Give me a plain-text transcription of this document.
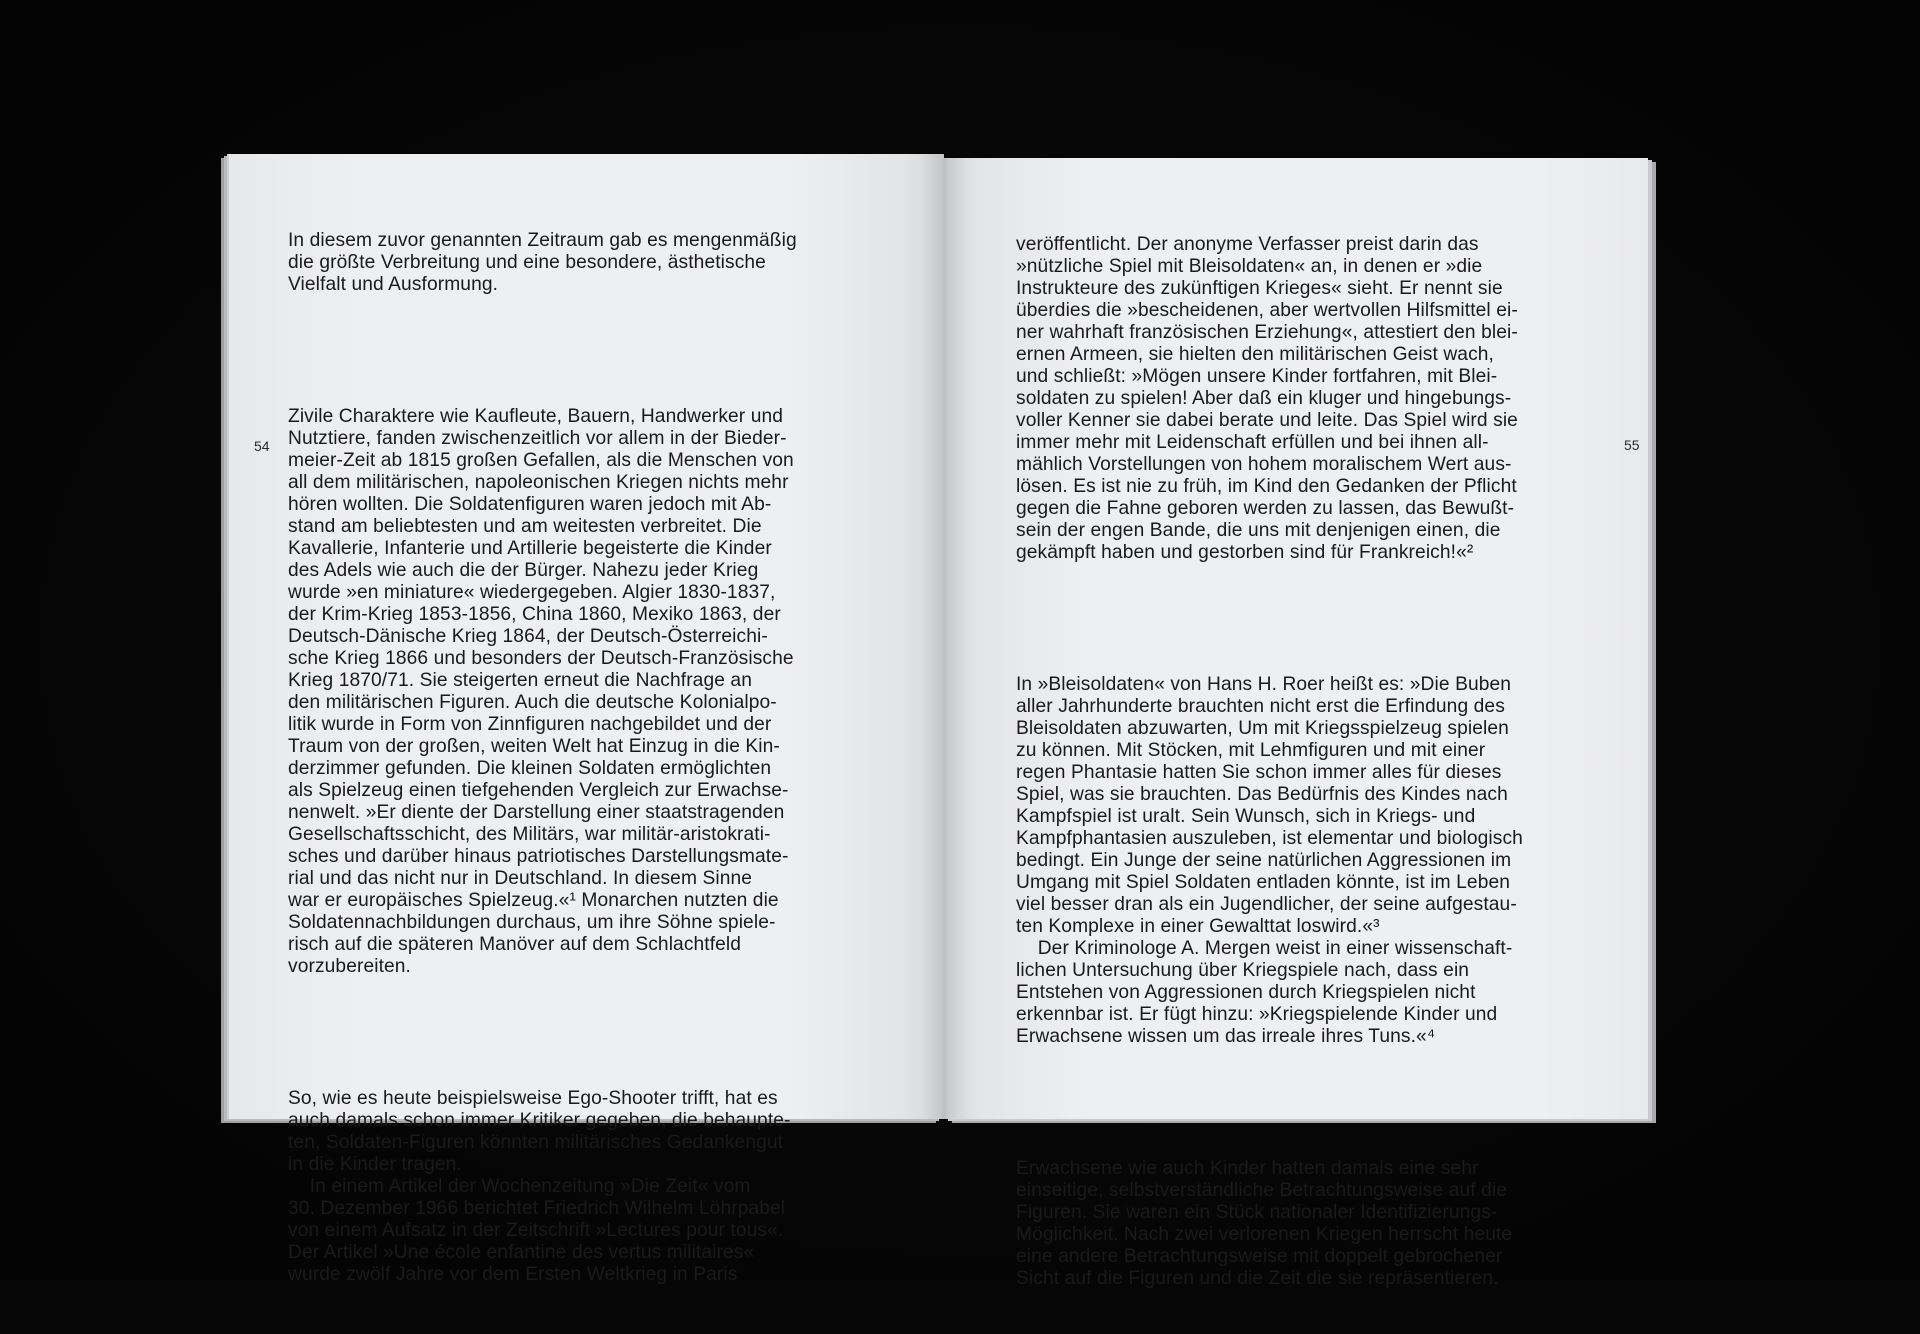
54	55

In diesem zuvor genannten Zeitraum gab es mengenmäßig
die größte Verbreitung und eine besondere, ästhetische
Vielfalt und Ausformung.

Zivile Charaktere wie Kaufleute, Bauern, Handwerker und
Nutztiere, fanden zwischenzeitlich vor allem in der Bieder-
meier-Zeit ab 1815 großen Gefallen, als die Menschen von
all dem militärischen, napoleonischen Kriegen nichts mehr
hören wollten. Die Soldatenfiguren waren jedoch mit Ab-
stand am beliebtesten und am weitesten verbreitet. Die
Kavallerie, Infanterie und Artillerie begeisterte die Kinder
des Adels wie auch die der Bürger. Nahezu jeder Krieg
wurde »en miniature« wiedergegeben. Algier 1830-1837,
der Krim-Krieg 1853-1856, China 1860, Mexiko 1863, der
Deutsch-Dänische Krieg 1864, der Deutsch-Österreichi-
sche Krieg 1866 und besonders der Deutsch-Französische
Krieg 1870/71. Sie steigerten erneut die Nachfrage an
den militärischen Figuren. Auch die deutsche Kolonialpo-
litik wurde in Form von Zinnfiguren nachgebildet und der
Traum von der großen, weiten Welt hat Einzug in die Kin-
derzimmer gefunden. Die kleinen Soldaten ermöglichten
als Spielzeug einen tiefgehenden Vergleich zur Erwachse-
nenwelt. »Er diente der Darstellung einer staatstragenden
Gesellschaftsschicht, des Militärs, war militär-aristokrati-
sches und darüber hinaus patriotisches Darstellungsmate-
rial und das nicht nur in Deutschland. In diesem Sinne
war er europäisches Spielzeug.«¹ Monarchen nutzten die
Soldatennachbildungen durchaus, um ihre Söhne spiele-
risch auf die späteren Manöver auf dem Schlachtfeld
vorzubereiten.

So, wie es heute beispielsweise Ego-Shooter trifft, hat es
auch damals schon immer Kritiker gegeben, die behaupte-
ten, Soldaten-Figuren könnten militärisches Gedankengut
in die Kinder tragen.
In einem Artikel der Wochenzeitung »Die Zeit« vom
30. Dezember 1966 berichtet Friedrich Wilhelm Löhrpabel
von einem Aufsatz in der Zeitschrift »Lectures pour tous«.
Der Artikel »Une école enfantine des vertus militaires«
wurde zwölf Jahre vor dem Ersten Weltkrieg in Paris

veröffentlicht. Der anonyme Verfasser preist darin das
»nützliche Spiel mit Bleisoldaten« an, in denen er »die
Instrukteure des zukünftigen Krieges« sieht. Er nennt sie
überdies die »bescheidenen, aber wertvollen Hilfsmittel ei-
ner wahrhaft französischen Erziehung«, attestiert den blei-
ernen Armeen, sie hielten den militärischen Geist wach,
und schließt: »Mögen unsere Kinder fortfahren, mit Blei-
soldaten zu spielen! Aber daß ein kluger und hingebungs-
voller Kenner sie dabei berate und leite. Das Spiel wird sie
immer mehr mit Leidenschaft erfüllen und bei ihnen all-
mählich Vorstellungen von hohem moralischem Wert aus-
lösen. Es ist nie zu früh, im Kind den Gedanken der Pflicht
gegen die Fahne geboren werden zu lassen, das Bewußt-
sein der engen Bande, die uns mit denjenigen einen, die
gekämpft haben und gestorben sind für Frankreich!«²

In »Bleisoldaten« von Hans H. Roer heißt es: »Die Buben
aller Jahrhunderte brauchten nicht erst die Erfindung des
Bleisoldaten abzuwarten, Um mit Kriegsspielzeug spielen
zu können. Mit Stöcken, mit Lehmfiguren und mit einer
regen Phantasie hatten Sie schon immer alles für dieses
Spiel, was sie brauchten. Das Bedürfnis des Kindes nach
Kampfspiel ist uralt. Sein Wunsch, sich in Kriegs- und
Kampfphantasien auszuleben, ist elementar und biologisch
bedingt. Ein Junge der seine natürlichen Aggressionen im
Umgang mit Spiel Soldaten entladen könnte, ist im Leben
viel besser dran als ein Jugendlicher, der seine aufgestau-
ten Komplexe in einer Gewalttat loswird.«³
Der Kriminologe A. Mergen weist in einer wissenschaft-
lichen Untersuchung über Kriegspiele nach, dass ein
Entstehen von Aggressionen durch Kriegspielen nicht
erkennbar ist. Er fügt hinzu: »Kriegspielende Kinder und
Erwachsene wissen um das irreale ihres Tuns.«⁴

Erwachsene wie auch Kinder hatten damals eine sehr
einseitige, selbstverständliche Betrachtungsweise auf die
Figuren. Sie waren ein Stück nationaler Identifizierungs-
Möglichkeit. Nach zwei verlorenen Kriegen herrscht heute
eine andere Betrachtungsweise mit doppelt gebrochener
Sicht auf die Figuren und die Zeit die sie repräsentieren.
